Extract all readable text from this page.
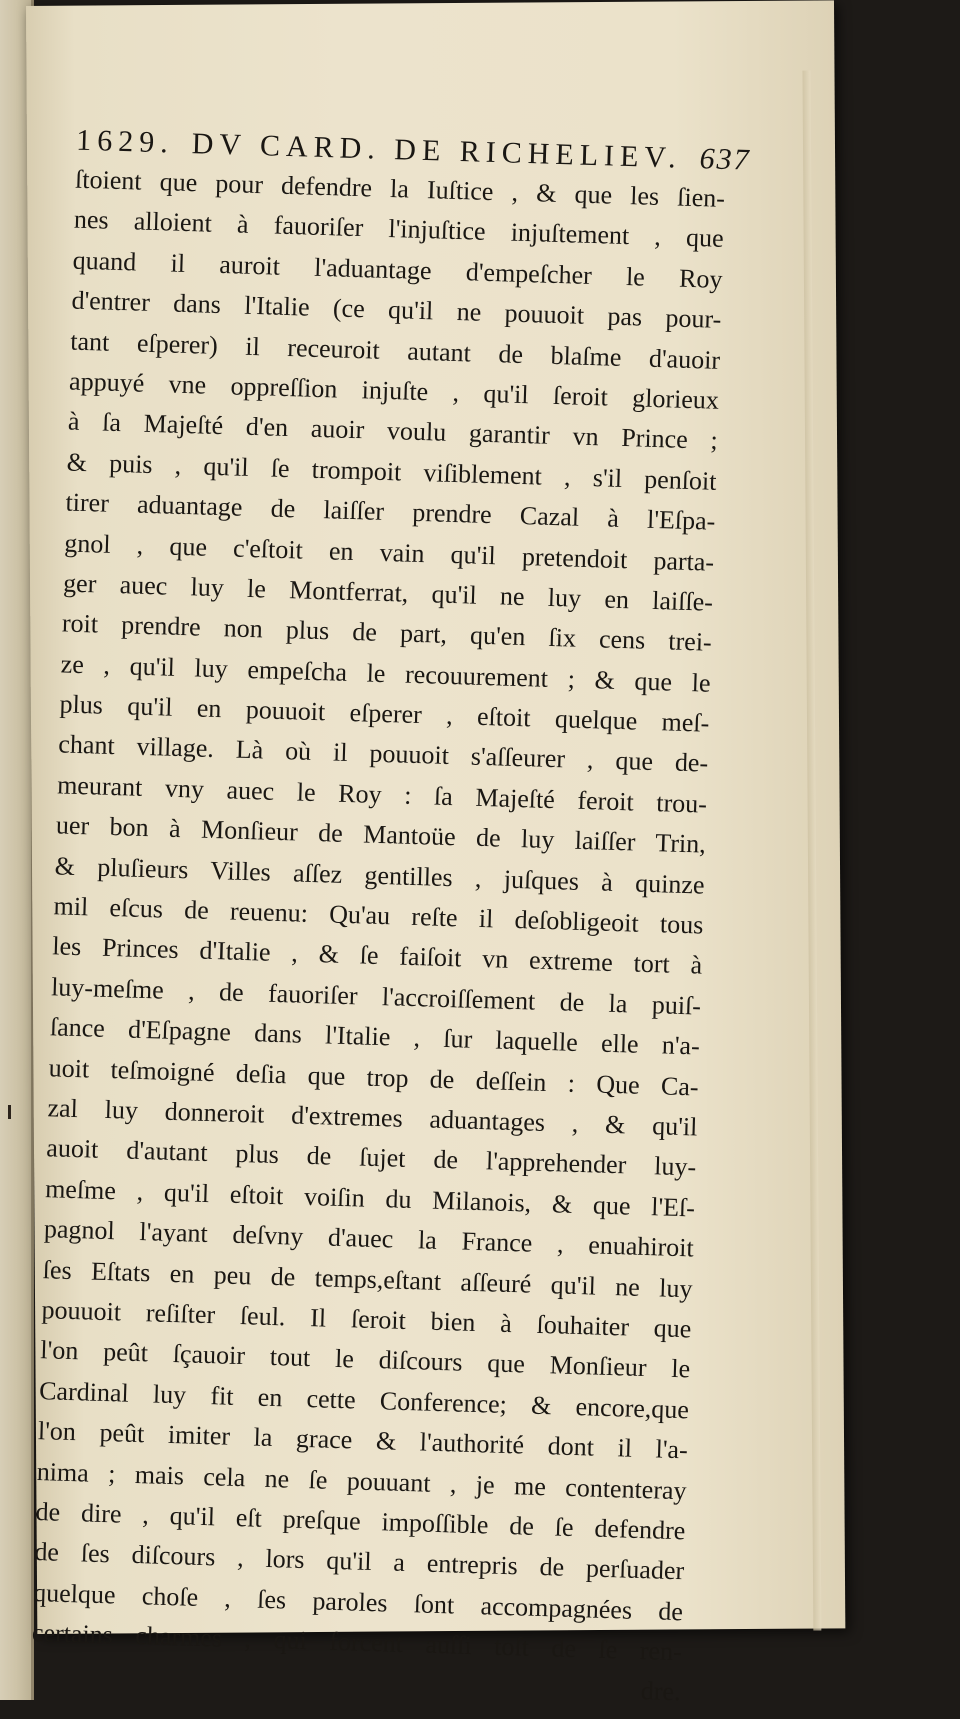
1629. DV CARD. DE RICHELIEV. 637
ſtoient que pour defendre la Iuſtice , & que les ſien-
nes alloient à fauoriſer l'injuſtice injuſtement , que
quand il auroit l'aduantage d'empeſcher le Roy
d'entrer dans l'Italie (ce qu'il ne pouuoit pas pour-
tant eſperer) il receuroit autant de blaſme d'auoir
appuyé vne oppreſſion injuſte , qu'il ſeroit glorieux
à ſa Majeſté d'en auoir voulu garantir vn Prince ;
& puis , qu'il ſe trompoit viſiblement , s'il penſoit
tirer aduantage de laiſſer prendre Cazal à l'Eſpa-
gnol , que c'eſtoit en vain qu'il pretendoit parta-
ger auec luy le Montferrat, qu'il ne luy en laiſſe-
roit prendre non plus de part, qu'en ſix cens trei-
ze , qu'il luy empeſcha le recouurement ; & que le
plus qu'il en pouuoit eſperer , eſtoit quelque meſ-
chant village. Là où il pouuoit s'aſſeurer , que de-
meurant vny auec le Roy : ſa Majeſté feroit trou-
uer bon à Monſieur de Mantoüe de luy laiſſer Trin,
& pluſieurs Villes aſſez gentilles , juſques à quinze
mil eſcus de reuenu: Qu'au reſte il deſobligeoit tous
les Princes d'Italie , & ſe faiſoit vn extreme tort à
luy-meſme , de fauoriſer l'accroiſſement de la puiſ-
ſance d'Eſpagne dans l'Italie , ſur laquelle elle n'a-
uoit teſmoigné deſia que trop de deſſein : Que Ca-
zal luy donneroit d'extremes aduantages , & qu'il
auoit d'autant plus de ſujet de l'apprehender luy-
meſme , qu'il eſtoit voiſin du Milanois, & que l'Eſ-
pagnol l'ayant deſvny d'auec la France , enuahiroit
ſes Eſtats en peu de temps,eſtant aſſeuré qu'il ne luy
pouuoit reſiſter ſeul. Il ſeroit bien à ſouhaiter que
l'on peût ſçauoir tout le diſcours que Monſieur le
Cardinal luy fit en cette Conference; & encore,que
l'on peût imiter la grace & l'authorité dont il l'a-
nima ; mais cela ne ſe pouuant , je me contenteray
de dire , qu'il eſt preſque impoſſible de ſe defendre
de ſes diſcours , lors qu'il a entrepris de perſuader
quelque choſe , ſes paroles ſont accompagnées de
certains charmes , qui forcent auſſi toſt de ſe ren-
dre.
